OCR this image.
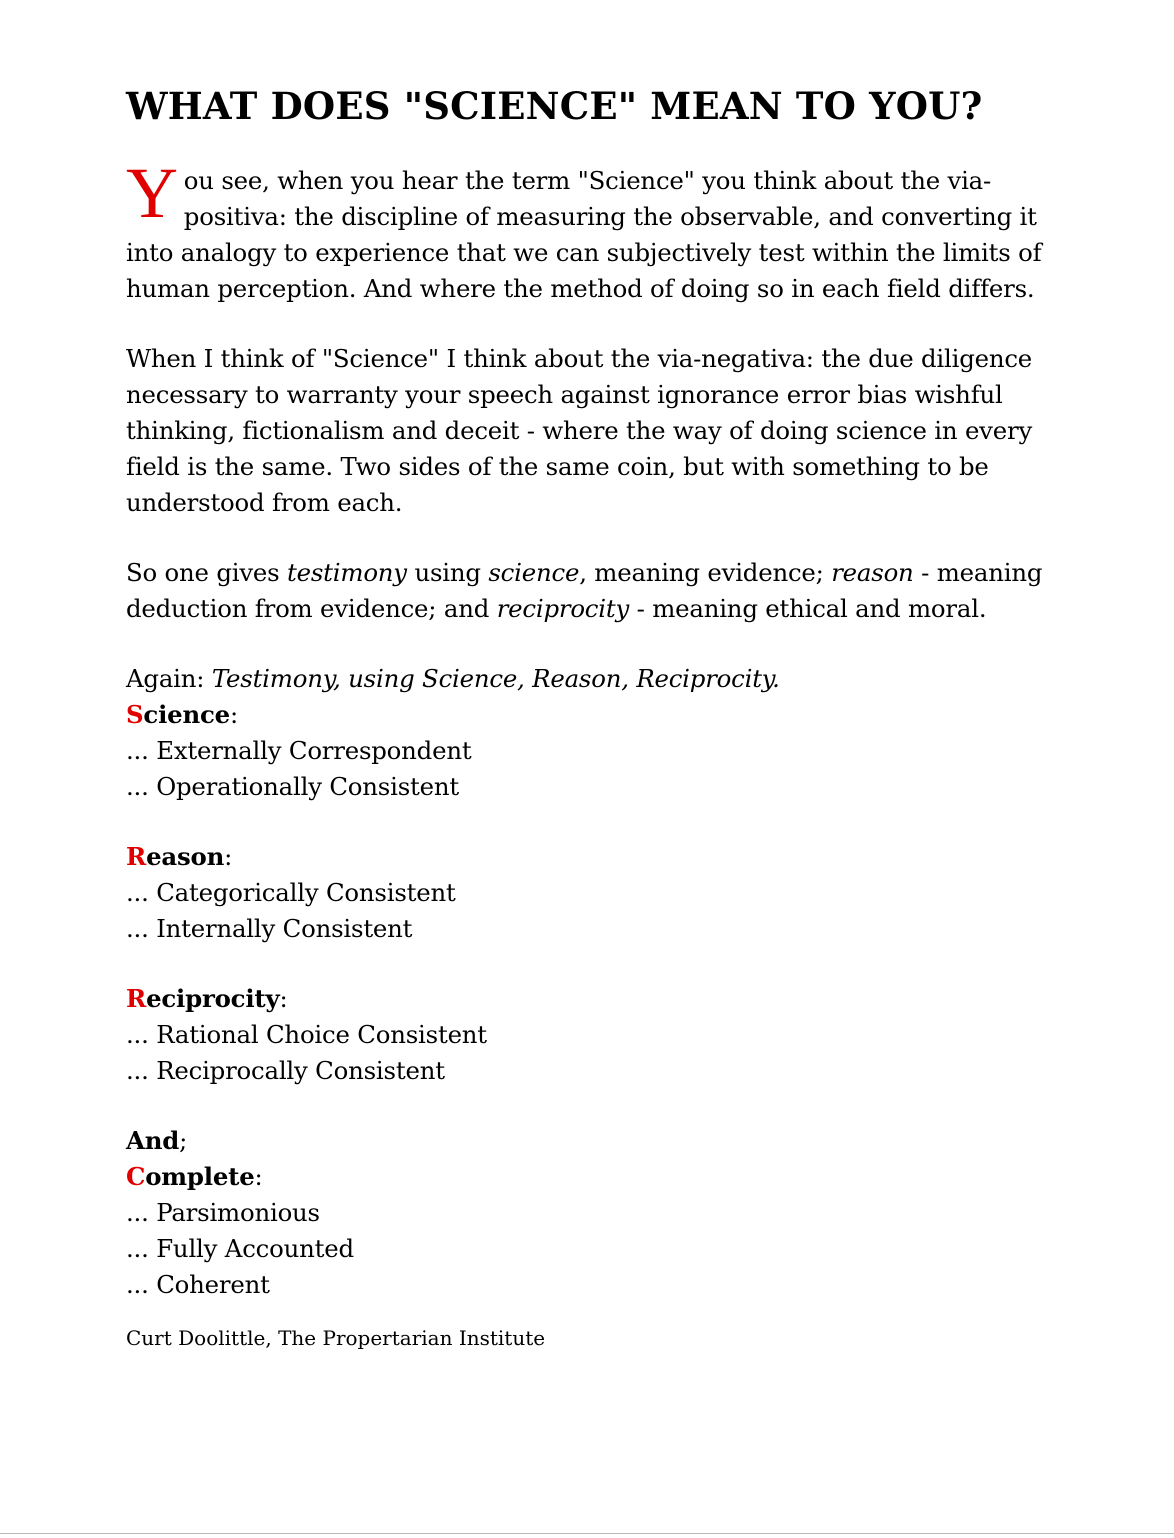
WHAT DOES "SCIENCE" MEAN TO YOU?

You see, when you hear the term "Science" you think about the via-positiva: the discipline of measuring the observable, and converting it into analogy to experience that we can subjectively test within the limits of human perception. And where the method of doing so in each field differs.

When I think of "Science" I think about the via-negativa: the due diligence necessary to warranty your speech against ignorance error bias wishful thinking, fictionalism and deceit - where the way of doing science in every field is the same. Two sides of the same coin, but with something to be understood from each.

So one gives testimony using science, meaning evidence; reason - meaning deduction from evidence; and reciprocity - meaning ethical and moral.

Again: Testimony, using Science, Reason, Reciprocity.
Science:
... Externally Correspondent
... Operationally Consistent
Reason:
... Categorically Consistent
... Internally Consistent
Reciprocity:
... Rational Choice Consistent
... Reciprocally Consistent
And;
Complete:
... Parsimonious
... Fully Accounted
... Coherent
Curt Doolittle, The Propertarian Institute
